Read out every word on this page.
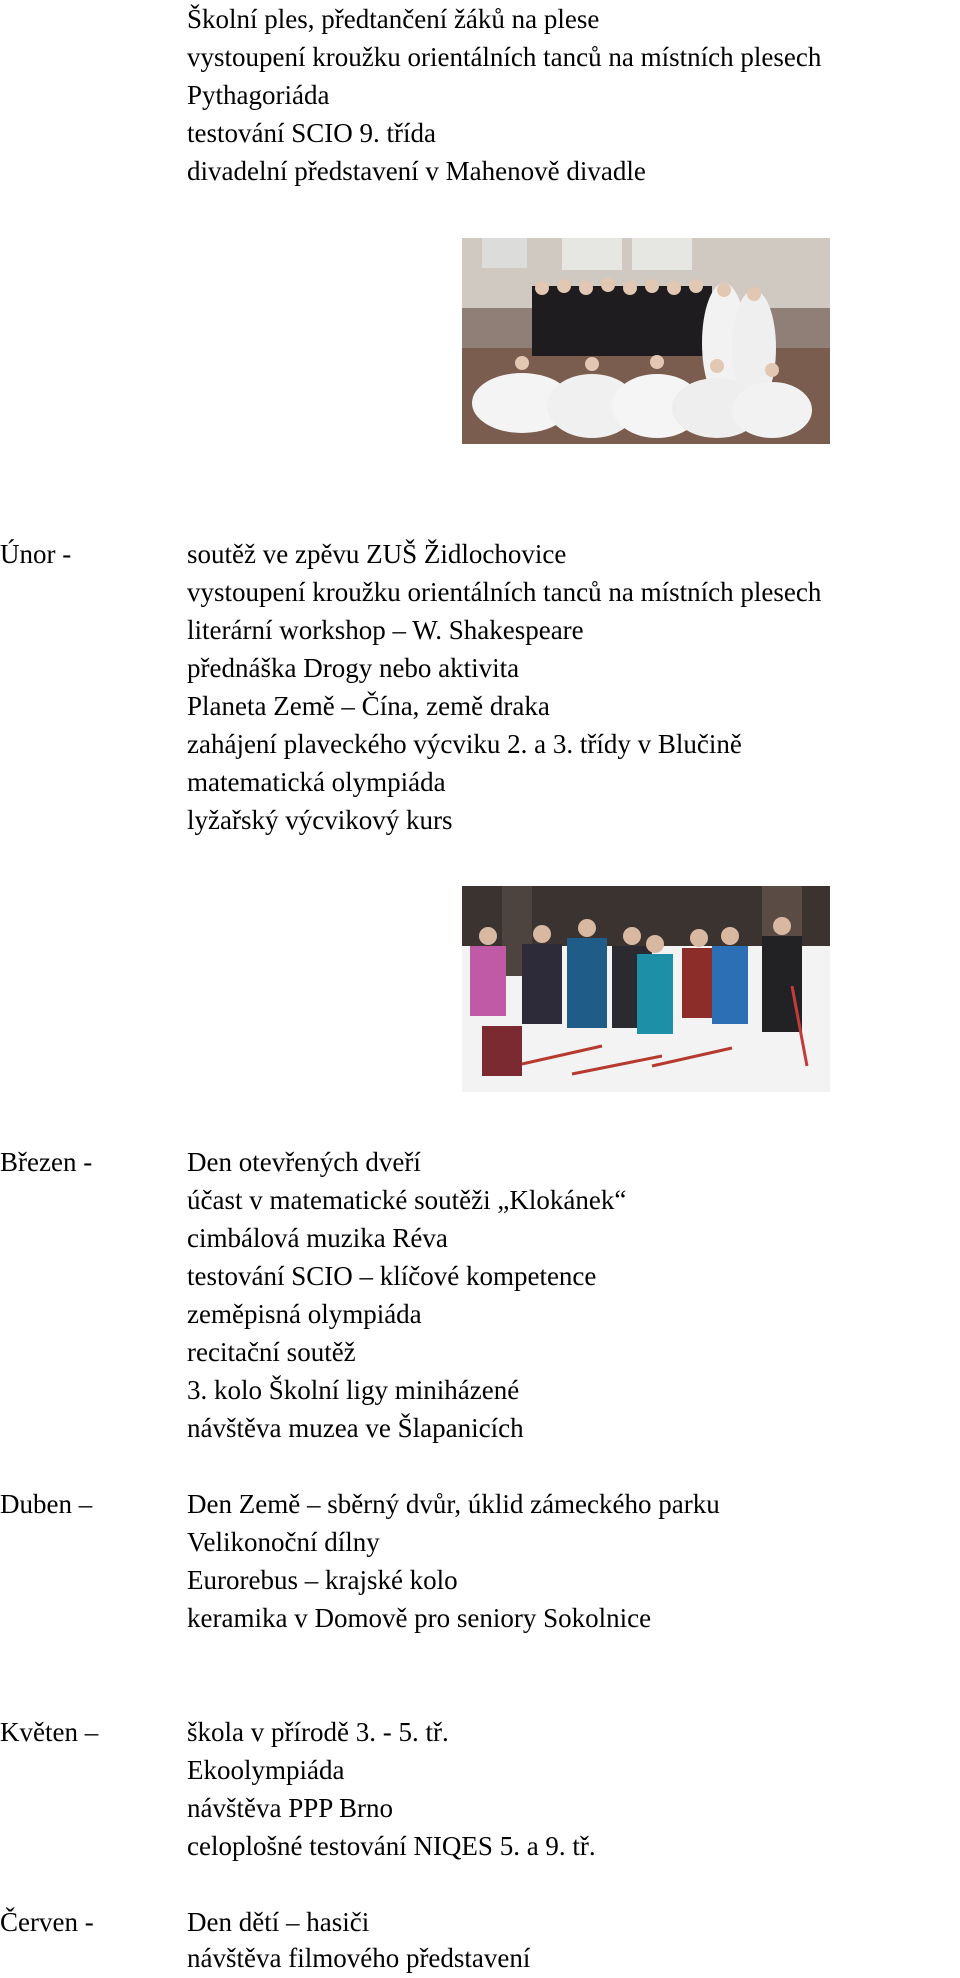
Školní ples, předtančení žáků na plese
vystoupení kroužku orientálních tanců na místních plesech
Pythagoriáda
testování SCIO 9. třída
divadelní představení v Mahenově divadle
Únor -	soutěž ve zpěvu ZUŠ Židlochovice
vystoupení kroužku orientálních tanců na místních plesech
literární workshop – W. Shakespeare
přednáška Drogy nebo aktivita
Planeta Země – Čína, země draka
zahájení plaveckého výcviku 2. a 3. třídy v Blučině
matematická olympiáda
lyžařský výcvikový kurs
Březen -	Den otevřených dveří
účast v matematické soutěži „Klokánek“
cimbálová muzika Réva
testování SCIO – klíčové kompetence
zeměpisná olympiáda
recitační soutěž
3. kolo Školní ligy miniházené
návštěva muzea ve Šlapanicích
Duben –	Den Země – sběrný dvůr, úklid zámeckého parku
Velikonoční dílny
Eurorebus – krajské kolo
keramika v Domově pro seniory Sokolnice
Květen –	škola v přírodě 3. - 5. tř.
Ekoolympiáda
návštěva PPP Brno
celoplošné testování NIQES 5. a 9. tř.
Červen -	Den dětí – hasiči
návštěva filmového představení
